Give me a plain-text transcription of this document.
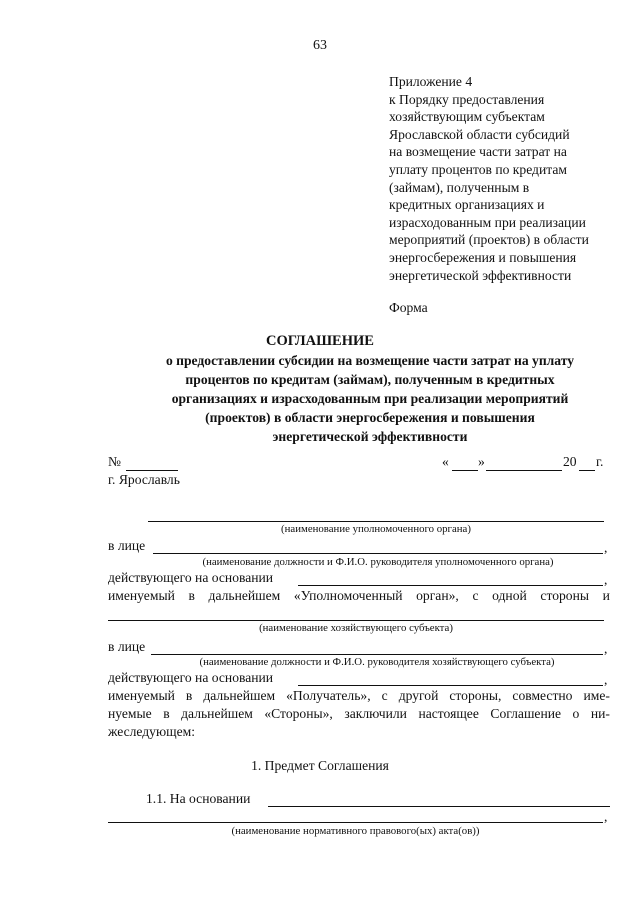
63
Приложение 4
к Порядку предоставления
хозяйствующим субъектам
Ярославской области субсидий
на возмещение части затрат на
уплату процентов по кредитам
(займам), полученным в
кредитных организациях и
израсходованным при реализации
мероприятий (проектов) в области
энергосбережения и повышения
энергетической эффективности
Форма
СОГЛАШЕНИЕ
о предоставлении субсидии на возмещение части затрат на уплату
процентов по кредитам (займам), полученным в кредитных
организациях и израсходованным при реализации мероприятий
(проектов) в области энергосбережения и повышения
энергетической эффективности
№	« »	20 г.
г. Ярославль
(наименование уполномоченного органа)
в лице	,
(наименование должности и Ф.И.О. руководителя уполномоченного органа)
действующего на основании	,
именуемый в дальнейшем «Уполномоченный орган», с одной стороны и
(наименование хозяйствующего субъекта)
в лице	,
(наименование должности и Ф.И.О. руководителя хозяйствующего субъекта)
действующего на основании	,
именуемый в дальнейшем «Получатель», с другой стороны, совместно име-
нуемые в дальнейшем «Стороны», заключили настоящее Соглашение о ни-
жеследующем:
1. Предмет Соглашения
1.1. На основании
,
(наименование нормативного правового(ых) акта(ов))
